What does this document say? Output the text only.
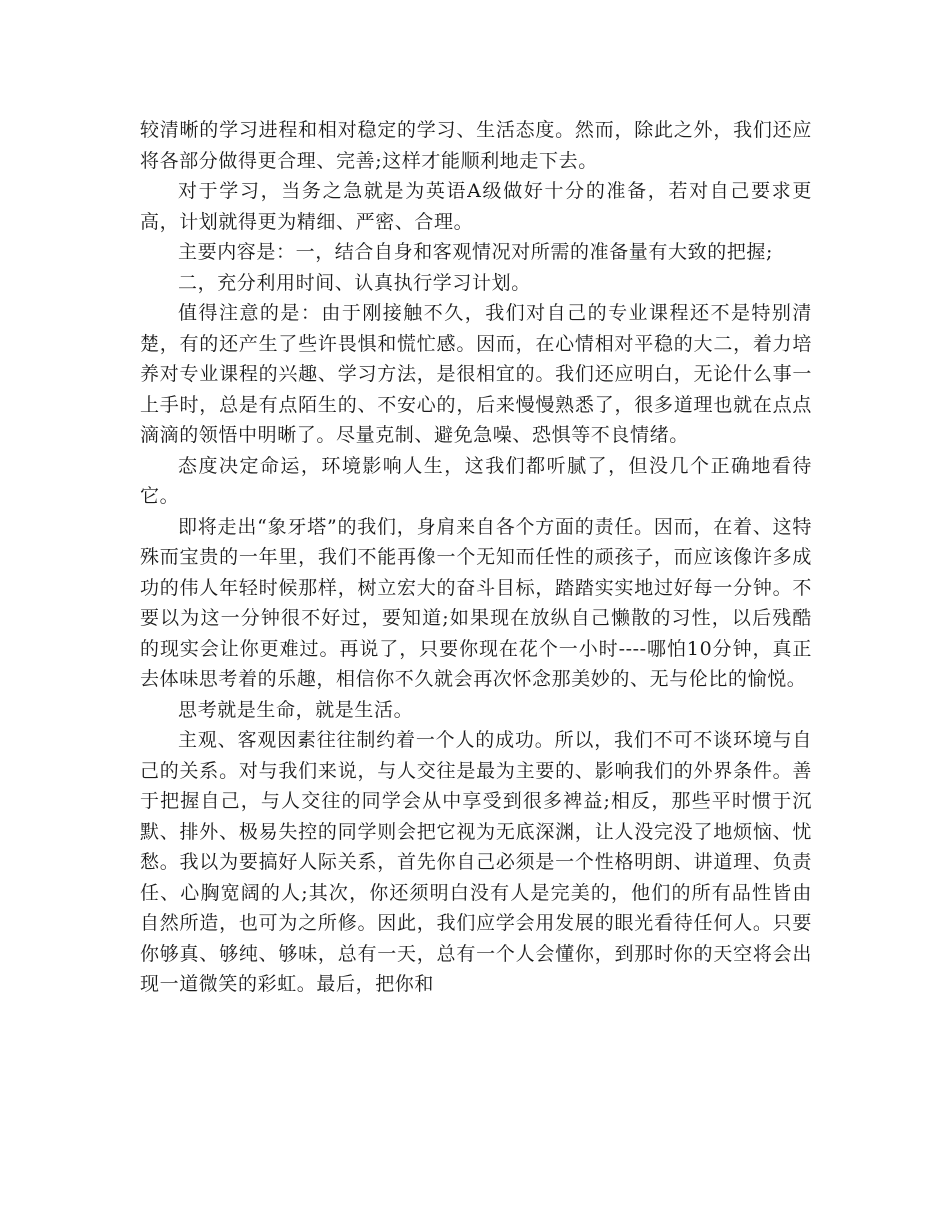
较清晰的学习进程和相对稳定的学习、生活态度。然而，除此之外，我们还应将各部分做得更合理、完善;这样才能顺利地走下去。

对于学习，当务之急就是为英语A级做好十分的准备，若对自己要求更高，计划就得更为精细、严密、合理。

主要内容是：一，结合自身和客观情况对所需的准备量有大致的把握;

二，充分利用时间、认真执行学习计划。

值得注意的是：由于刚接触不久，我们对自己的专业课程还不是特别清楚，有的还产生了些许畏惧和慌忙感。因而，在心情相对平稳的大二，着力培养对专业课程的兴趣、学习方法，是很相宜的。我们还应明白，无论什么事一上手时，总是有点陌生的、不安心的，后来慢慢熟悉了，很多道理也就在点点滴滴的领悟中明晰了。尽量克制、避免急噪、恐惧等不良情绪。

态度决定命运，环境影响人生，这我们都听腻了，但没几个正确地看待它。

即将走出“象牙塔”的我们，身肩来自各个方面的责任。因而，在着、这特殊而宝贵的一年里，我们不能再像一个无知而任性的顽孩子，而应该像许多成功的伟人年轻时候那样，树立宏大的奋斗目标，踏踏实实地过好每一分钟。不要以为这一分钟很不好过，要知道;如果现在放纵自己懒散的习性，以后残酷的现实会让你更难过。再说了，只要你现在花个一小时----哪怕10分钟，真正去体味思考着的乐趣，相信你不久就会再次怀念那美妙的、无与伦比的愉悦。

思考就是生命，就是生活。

主观、客观因素往往制约着一个人的成功。所以，我们不可不谈环境与自己的关系。对与我们来说，与人交往是最为主要的、影响我们的外界条件。善于把握自己，与人交往的同学会从中享受到很多裨益;相反，那些平时惯于沉默、排外、极易失控的同学则会把它视为无底深渊，让人没完没了地烦恼、忧愁。我以为要搞好人际关系，首先你自己必须是一个性格明朗、讲道理、负责任、心胸宽阔的人;其次，你还须明白没有人是完美的，他们的所有品性皆由自然所造，也可为之所修。因此，我们应学会用发展的眼光看待任何人。只要你够真、够纯、够味，总有一天，总有一个人会懂你，到那时你的天空将会出现一道微笑的彩虹。最后，把你和
